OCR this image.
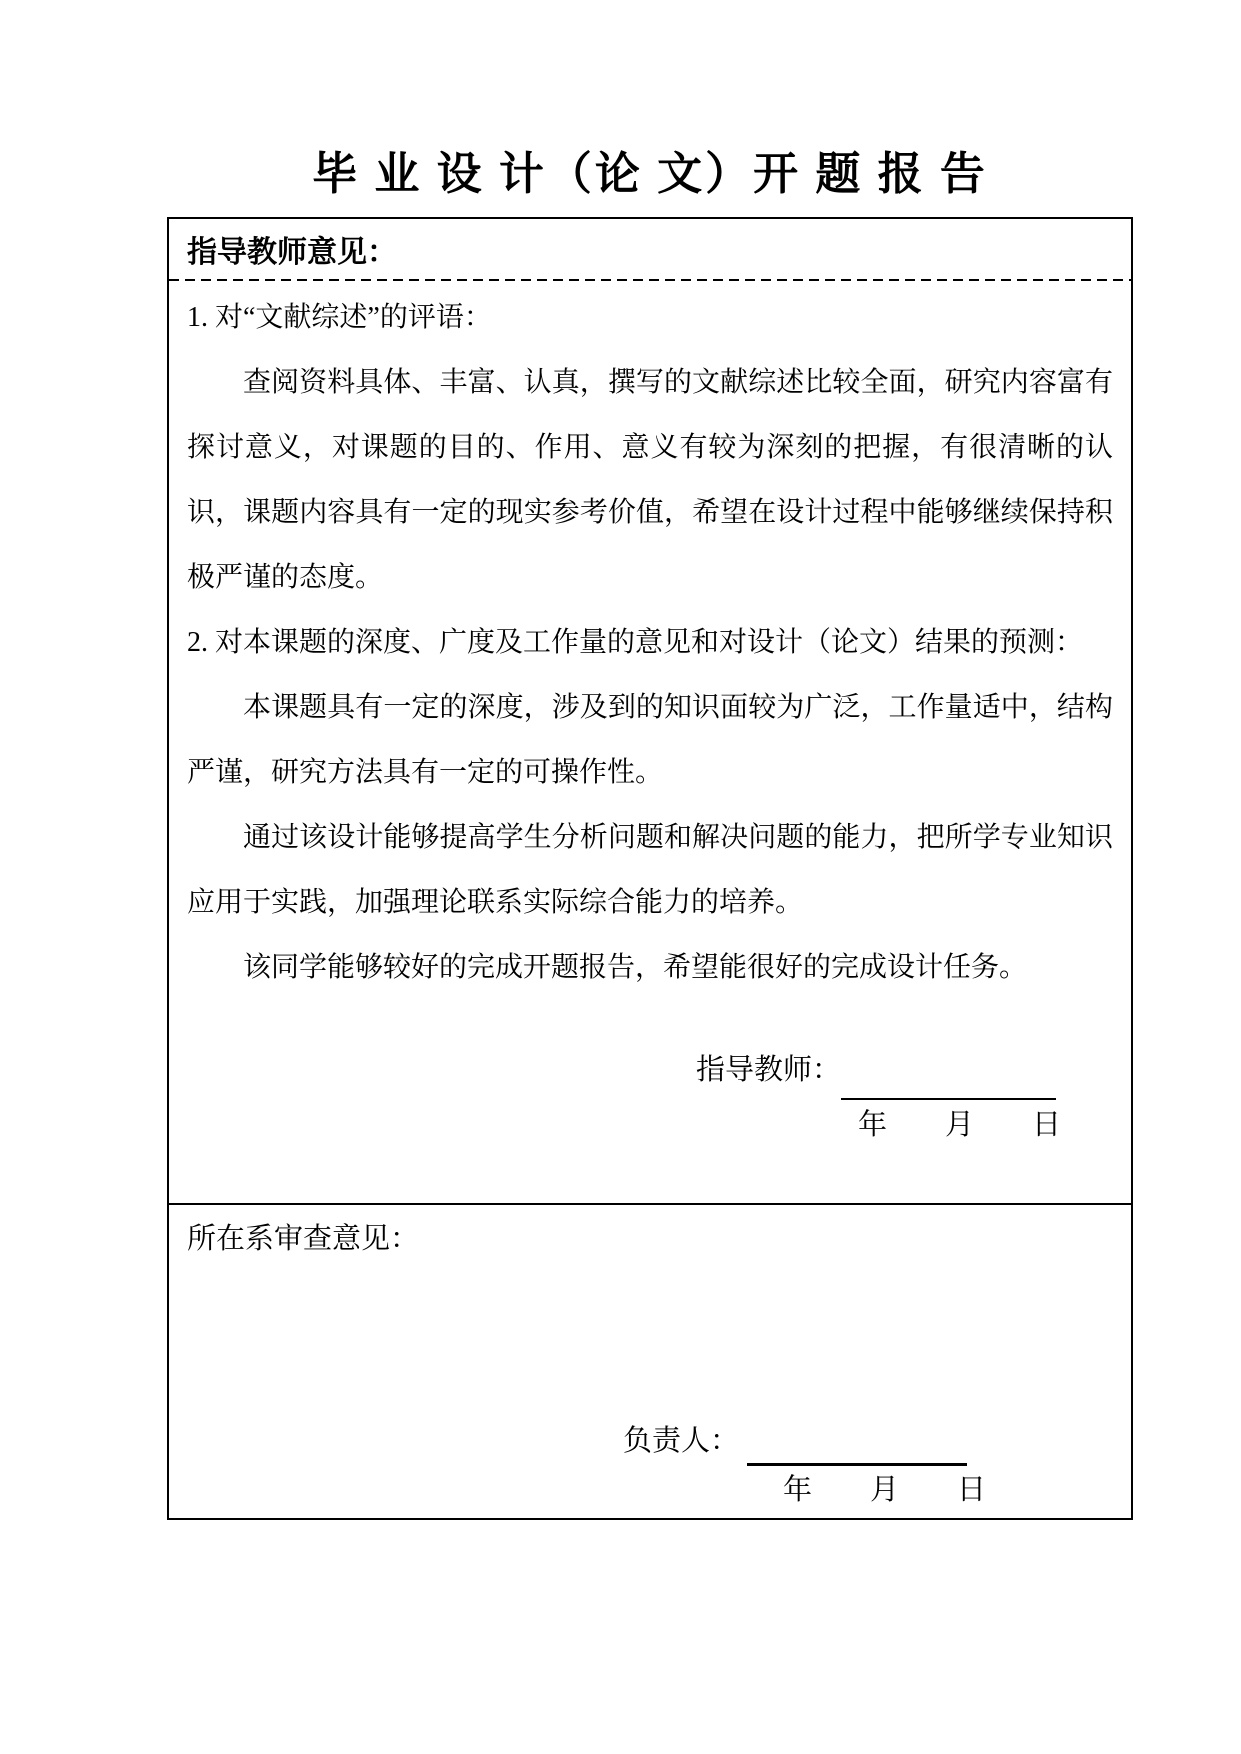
毕 业 设 计（论 文）开 题 报 告
指导教师意见：

1. 对“文献综述”的评语：

查阅资料具体、丰富、认真，撰写的文献综述比较全面，研究内容富有探讨意义，对课题的目的、作用、意义有较为深刻的把握，有很清晰的认识，课题内容具有一定的现实参考价值，希望在设计过程中能够继续保持积极严谨的态度。

2. 对本课题的深度、广度及工作量的意见和对设计（论文）结果的预测：

本课题具有一定的深度，涉及到的知识面较为广泛，工作量适中，结构严谨，研究方法具有一定的可操作性。

通过该设计能够提高学生分析问题和解决问题的能力，把所学专业知识应用于实践，加强理论联系实际综合能力的培养。

该同学能够较好的完成开题报告，希望能很好的完成设计任务。

指导教师：
年　　月　　日
所在系审查意见：
负责人：
年　　月　　日
